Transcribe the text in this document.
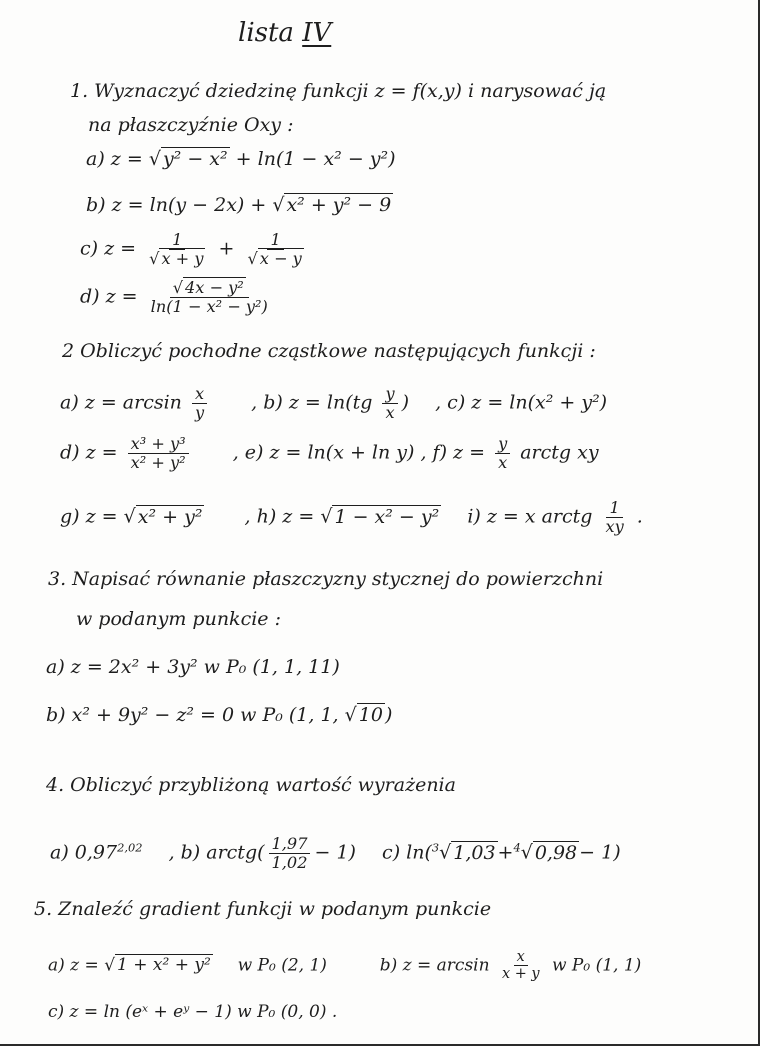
lista IV
1. Wyznaczyć dziedzinę funkcji z = f(x,y) i narysować ją
na płaszczyźnie Oxy :
a) z = √ y² − x² + ln(1 − x² − y²)
b) z = ln(y − 2x) + √ x² + y² − 9
c) $z = \frac{1}{√ x + y} + \frac{1}{√ x - y}$
d) $z = \frac{\text{√ 4x − y²}}{\text{ln(1 − x² − y²)}}$
2 Obliczyć pochodne cząstkowe następujących funkcji :
a) $z = \arcsin \frac{x}{y}$ , b) $z = \ln(tg \frac{y}{x}$ ) , c) z = ln(x² + y²)
d) $z = \frac{\text{x³ + y³}}{\text{x² + y²}}$ , e) z = ln(x + ln y) , f) $z = \frac{y}{x}$ arctg xy
g) z = √ x² + y² , h) z = √ 1 − x² − y² i) z = x arctg $\frac{1}{xy}$ .
3. Napisać równanie płaszczyzny stycznej do powierzchni
w podanym punkcie :
a) z = 2x² + 3y² w P₀ (1, 1, 11)
b) x² + 9y² − z² = 0 w P₀ (1, 1, √ 10 )
4. Obliczyć przybliżoną wartość wyrażenia
a) 0,97$^{2,02}$ , b) arctg( $\frac{1,97}{1,02} - 1$) c) ln($^3$√ 1,03 +$^4$√ 0,98 − 1)
5. Znaleźć gradient funkcji w podanym punkcie
a) z = √ 1 + x² + y² w P₀ (2, 1)	b) $z = \arcsin \frac{x}{x + y}$ w P₀ (1, 1)
c) z = ln (eˣ + eʸ − 1) w P₀ (0, 0) .
